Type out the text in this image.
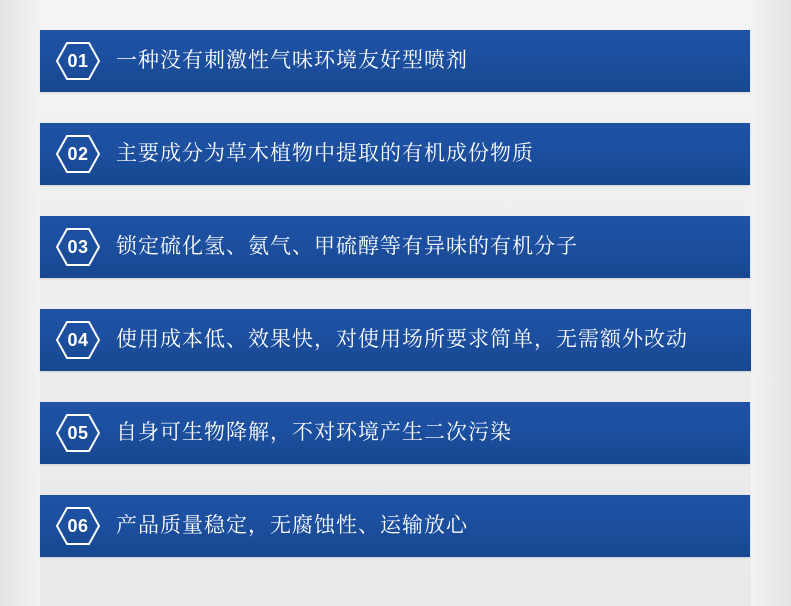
01	一种没有刺激性气味环境友好型喷剂
02	主要成分为草木植物中提取的有机成份物质
03	锁定硫化氢、氨气、甲硫醇等有异味的有机分子
04	使用成本低、效果快，对使用场所要求简单，无需额外改动
05	自身可生物降解，不对环境产生二次污染
06	产品质量稳定，无腐蚀性、运输放心
